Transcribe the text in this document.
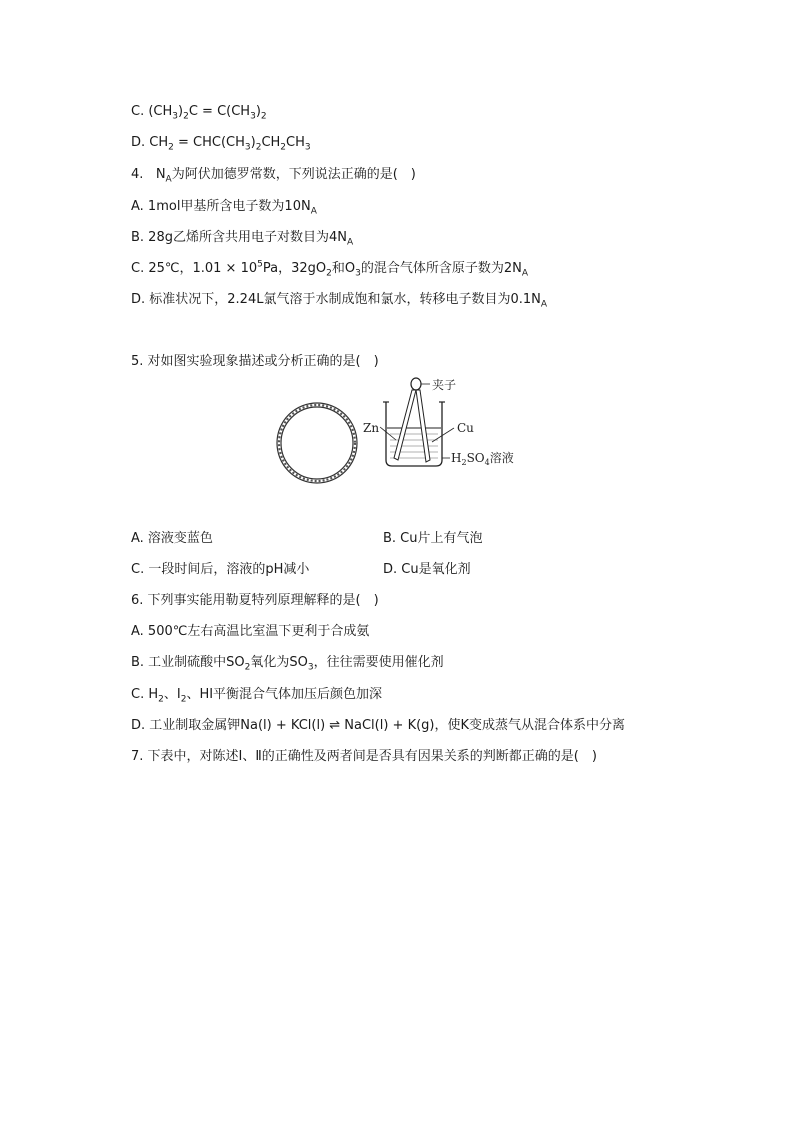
C. $(CH_3)_2C = C(CH_3)_2$
D. $CH_2 = CHC(CH_3)_2CH_2CH_3$
4. $N_A$为阿伏加德罗常数，下列说法正确的是(　)
A. 1mol甲基所含电子数为$10N_A$
B. 28g乙烯所含共用电子对数目为$4N_A$
C. 25℃，$1.01 \times 10^5Pa$，$32gO_2$和$O_3$的混合气体所含原子数为$2N_A$
D. 标准状况下，2.24L氯气溶于水制成饱和氯水，转移电子数目为$0.1N_A$
5. 对如图实验现象描述或分析正确的是(　)
夹子
Zn	Cu
$H_2SO_4$溶液
A. 溶液变蓝色	B. Cu片上有气泡
C. 一段时间后，溶液的pH减小	D. Cu是氧化剂
6. 下列事实能用勒夏特列原理解释的是(　)
A. 500℃左右高温比室温下更利于合成氨
B. 工业制硫酸中$SO_2$氧化为$SO_3$，往往需要使用催化剂
C. $H_2$、$I_2$、HI平衡混合气体加压后颜色加深
D. 工业制取金属钾Na(l) + KCl(l) ⇌ NaCl(l) + K(g)，使K变成蒸气从混合体系中分离
7. 下表中，对陈述Ⅰ、Ⅱ的正确性及两者间是否具有因果关系的判断都正确的是(　)
